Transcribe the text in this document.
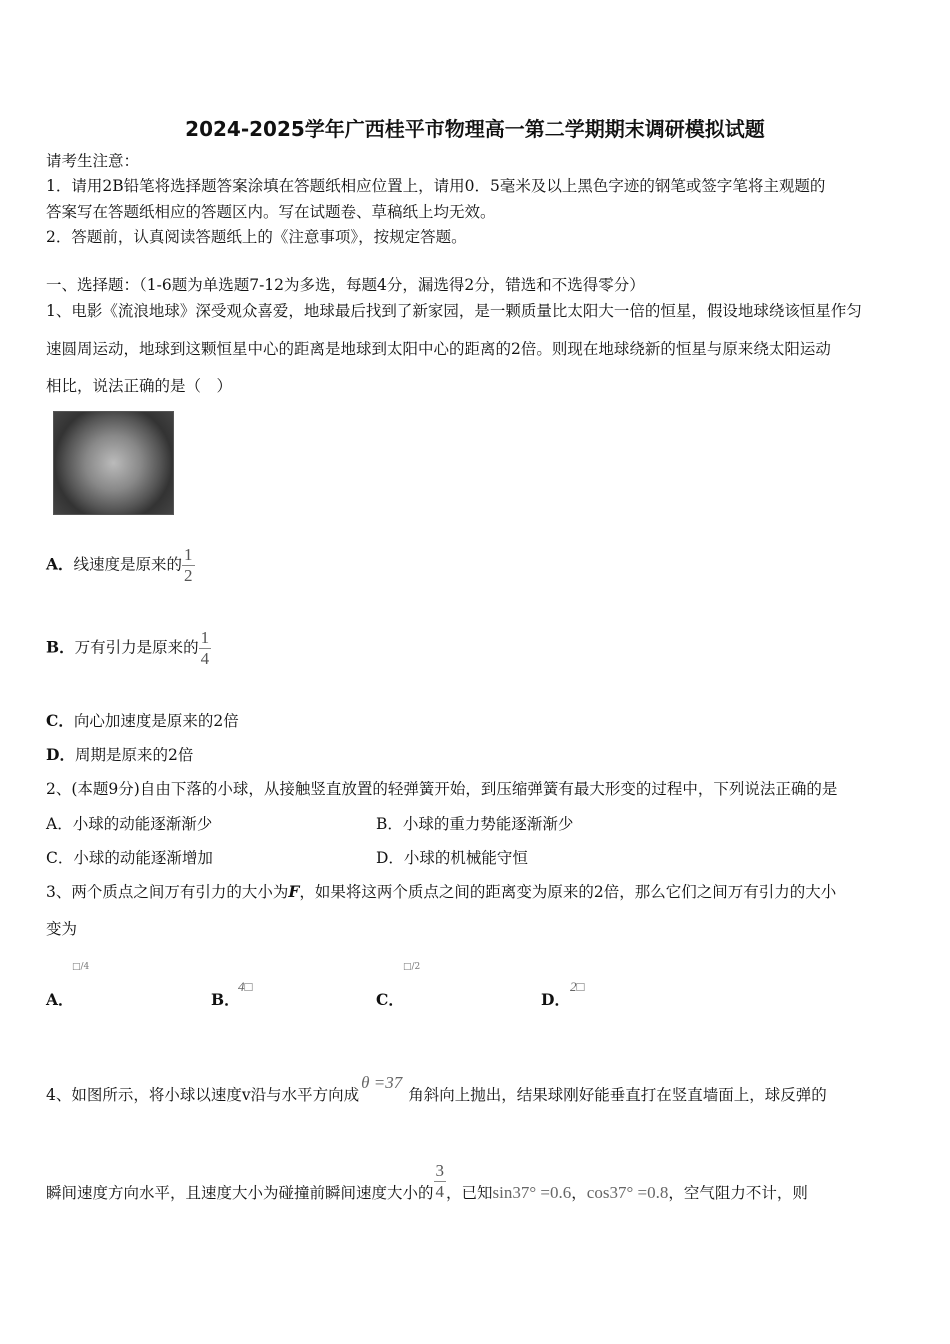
2024-2025学年广西桂平市物理高一第二学期期末调研模拟试题
请考生注意：
1．请用2B铅笔将选择题答案涂填在答题纸相应位置上，请用0．5毫米及以上黑色字迹的钢笔或签字笔将主观题的
答案写在答题纸相应的答题区内。写在试题卷、草稿纸上均无效。
2．答题前，认真阅读答题纸上的《注意事项》，按规定答题。
一、选择题：（1-6题为单选题7-12为多选，每题4分，漏选得2分，错选和不选得零分）
1、电影《流浪地球》深受观众喜爱，地球最后找到了新家园，是一颗质量比太阳大一倍的恒星，假设地球绕该恒星作匀
速圆周运动，地球到这颗恒星中心的距离是地球到太阳中心的距离的2倍。则现在地球绕新的恒星与原来绕太阳运动
相比，说法正确的是（　）
A．线速度是原来的 $\frac{1}{2}$
B．万有引力是原来的 $\frac{1}{4}$
C．向心加速度是原来的2倍
D．周期是原来的2倍
2、(本题9分)自由下落的小球，从接触竖直放置的轻弹簧开始，到压缩弹簧有最大形变的过程中，下列说法正确的是
A．小球的动能逐渐渐少	B．小球的重力势能逐渐渐少
C．小球的动能逐渐增加	D．小球的机械能守恒
3、两个质点之间万有引力的大小为F，如果将这两个质点之间的距离变为原来的2倍，那么它们之间万有引力的大小
变为
A．
□/4
B．
4□
C．
□/2
D．
2□
4、如图所示，将小球以速度v沿与水平方向成θ =37角斜向上抛出，结果球刚好能垂直打在竖直墙面上，球反弹的
瞬间速度方向水平，且速度大小为碰撞前瞬间速度大小的 $\frac{3}{4}$ ，已知sin37° =0.6，cos37° =0.8，空气阻力不计，则
